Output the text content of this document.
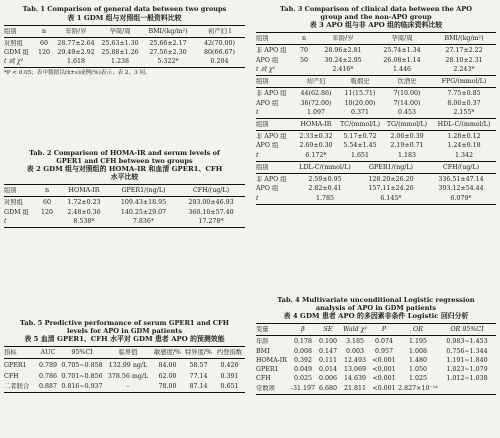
Tab. 1 Comparison of general data between two groups
表 1 GDM 组与对照组一般资料比较
组别	n	年龄/岁	孕周/周	BMI/(kg/m²)	初产妇 l
对照组	60	28.77±2.64	25.63±1.30	25.66±2.17	42(70.00)
GDM 组	120	29.49±2.92	25.88±1.26	27.56±2.30	80(66.67)
t 或 χ²	1.618	1.238	5.322*	0.204
*P < 0.05；表中数据以(x̄±s)或例(%)表示；表 2，3 同。
Tab. 2 Comparison of HOMA-IR and serum levels of
GPER1 and CFH between two groups
表 2 GDM 组与对照组的 HOMA-IR 和血清 GPER1、CFH
水平比较
组别	n	HOMA-IR	GPER1/(ng/L)	CFH/(ug/L)
对照组	60	1.72±0.23	109.43±18.95	293.00±46.93
GDM 组	120	2.48±0.36	140.25±29.07	360.10±57.40
t	8.538*	7.836*	17.278*
Tab. 5 Predictive performance of serum GPER1 and CFH
levels for APO in GDM patients
表 5 血清 GPER1、CFH 水平对 GDM 患者 APO 的预测效能
指标	AUC	95%CI	临界值	敏感度/% 特异度/% 约登指数
GPER1	0.789 0.705~0.858 132.99 ng/L	84.00	58.57	0.426
CFH	0.786 0.701~0.856 378.56 mg/L	62.00	77.14	0.391
二者联合	0.887 0.816~0.937	–	78.00	87.14	0.651
Tab. 3 Comparison of clinical data between the APO
group and the non-APO group
表 3 APO 组与非 APO 组的临床资料比较
组别	n	年龄/岁	孕周/周	BMI/(kg/m²)
非 APO 组	70	28.96±2.81	25.74±1.34	27.17±2.22
APO 组	50	30.24±2.95	26.08±1.14	28.10±2.31
t 或 χ²	2.416*	1.446	2.243*
组别	初产妇	吸烟史	饮酒史	FPG/(mmol/L)
非 APO 组	44(62.86)	11(15.71)	7(10.00)	7.75±0.85
APO 组	36(72.00)	10(20.00)	7(14.00)	8.00±0.37
t	1.097	0.371	0.453	2.155*
组别	HOMA-IR	TC/(mmol/L)	TG/(mmol/L)	HDL-C/(mmol/L)
非 APO 组	2.33±0.32	5.17±0.72	2.06±0.39	1.28±0.12
APO 组	2.69±0.30	5.54±1.45	2.19±0.71	1.24±0.18
t	6.172*	1.651	1.183	1.342
组别	LDL-C/(mmol/L)	GPER1/(ng/L)	CFH/(ug/L)
非 APO 组	2.59±0.95	128.20±26.20	336.51±47.14
APO 组	2.82±0.41	157.11±24.26	393.12±54.44
t	1.785	6.145*	6.079*
Tab. 4 Multivariate unconditional Logistic regression
analysis of APO in GDM patients
表 4 GDM 患者 APO 的多因素非条件 Logistic 回归分析
变量	β	SE	Wald χ²	P	OR	OR 95%CI
年龄	0.178	0.100	3.185	0.074	1.195	0.983~1.453
BMI	0.008	0.147	0.003	0.957	1.008	0.756~1.344
HOMA-IR	0.392	0.111	12.493	<0.001	1.480	1.191~1.840
GPER1	0.049	0.014	13.069	<0.001	1.050	1.023~1.079
CFH	0.025	0.006	14.639	<0.001	1.025	1.012~1.038
常数项	-31.197 6.680	21.811	<0.001 2.827×10⁻¹⁴
